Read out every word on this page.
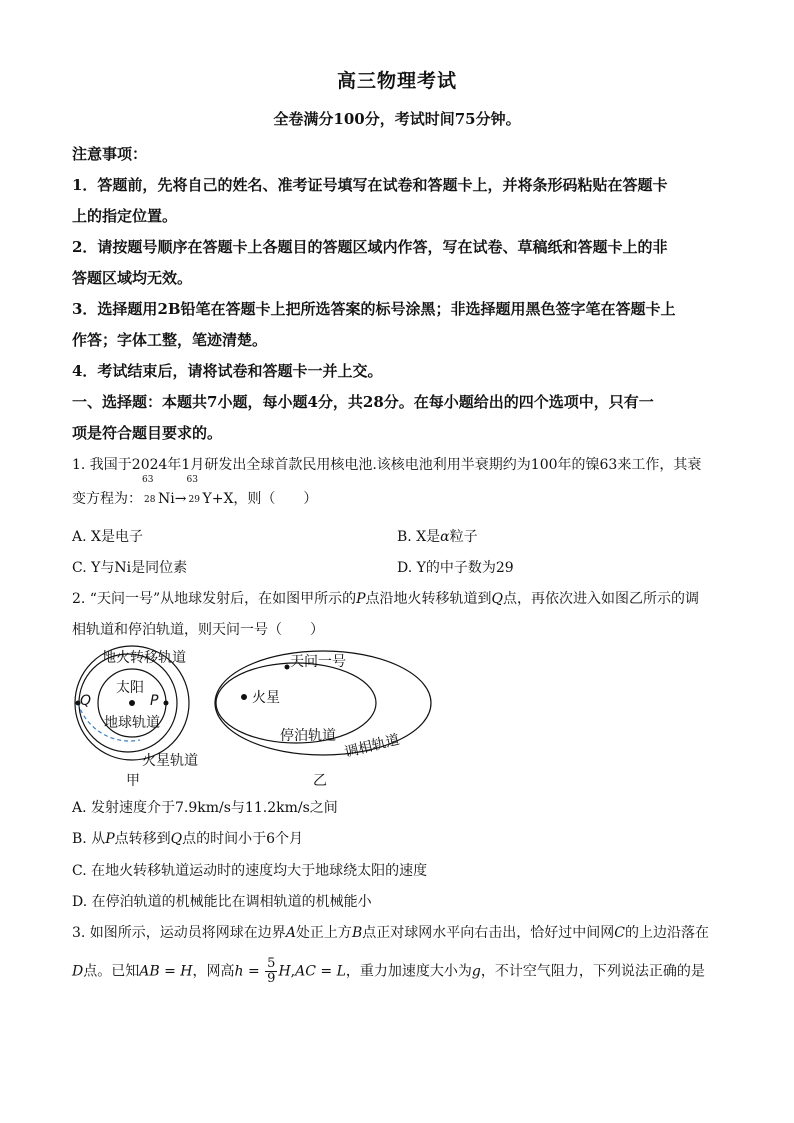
高三物理考试
全卷满分100分，考试时间75分钟。
注意事项：
1．答题前，先将自己的姓名、准考证号填写在试卷和答题卡上，并将条形码粘贴在答题卡
上的指定位置。
2．请按题号顺序在答题卡上各题目的答题区域内作答，写在试卷、草稿纸和答题卡上的非
答题区域均无效。
3．选择题用2B铅笔在答题卡上把所选答案的标号涂黑；非选择题用黑色签字笔在答题卡上
作答；字体工整，笔迹清楚。
4．考试结束后，请将试卷和答题卡一并上交。
一、选择题：本题共7小题，每小题4分，共28分。在每小题给出的四个选项中，只有一
项是符合题目要求的。
1. 我国于2024年1月研发出全球首款民用核电池.该核电池利用半衰期约为100年的镍63来工作，其衰
变方程为：
63
28 Ni→
63
29 Y+X，则（　　）
A. X是电子	B. X是α粒子
C. Y与Ni是同位素	D. Y的中子数为29
2. “天问一号”从地球发射后，在如图甲所示的P点沿地火转移轨道到Q点，再依次进入如图乙所示的调
相轨道和停泊轨道，则天问一号（　　）
地火转移轨道
太阳
地球轨道
火星轨道
Q	P
甲
天问一号
火星
停泊轨道 调相轨道
乙
A. 发射速度介于7.9km/s与11.2km/s之间
B. 从P点转移到Q点的时间小于6个月
C. 在地火转移轨道运动时的速度均大于地球绕太阳的速度
D. 在停泊轨道的机械能比在调相轨道的机械能小
3. 如图所示，运动员将网球在边界A处正上方B点正对球网水平向右击出，恰好过中间网C的上边沿落在
D点。已知AB = H，网高$h = \frac{5}{9} H,AC = L$，重力加速度大小为g，不计空气阻力，下列说法正确的是
